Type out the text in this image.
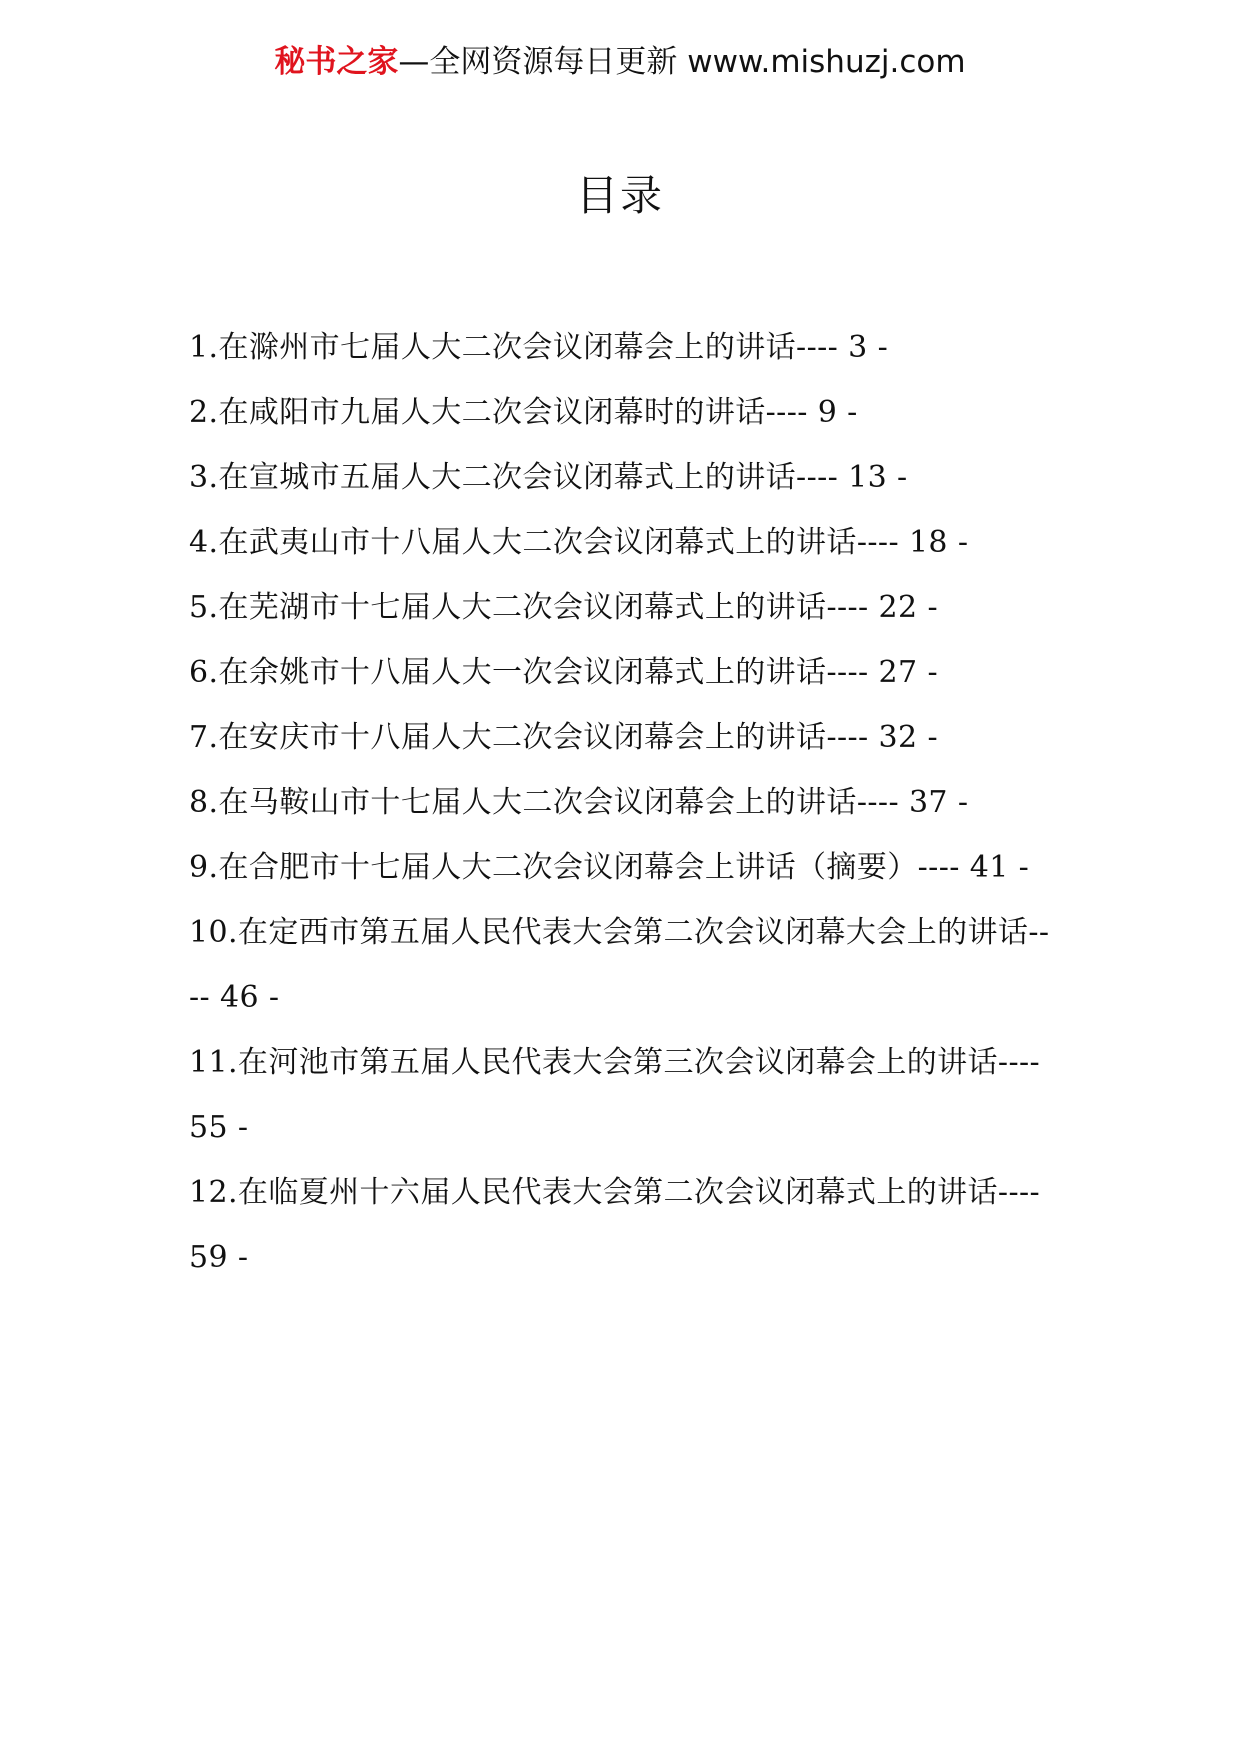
秘书之家—全网资源每日更新 www.mishuzj.com
目录
1.在滁州市七届人大二次会议闭幕会上的讲话---- 3 -
2.在咸阳市九届人大二次会议闭幕时的讲话---- 9 -
3.在宣城市五届人大二次会议闭幕式上的讲话---- 13 -
4.在武夷山市十八届人大二次会议闭幕式上的讲话---- 18 -
5.在芜湖市十七届人大二次会议闭幕式上的讲话---- 22 -
6.在余姚市十八届人大一次会议闭幕式上的讲话---- 27 -
7.在安庆市十八届人大二次会议闭幕会上的讲话---- 32 -
8.在马鞍山市十七届人大二次会议闭幕会上的讲话---- 37 -
9.在合肥市十七届人大二次会议闭幕会上讲话（摘要）---- 41 -
10.在定西市第五届人民代表大会第二次会议闭幕大会上的讲话---- 46 -
11.在河池市第五届人民代表大会第三次会议闭幕会上的讲话---- 55 -
12.在临夏州十六届人民代表大会第二次会议闭幕式上的讲话---- 59 -
